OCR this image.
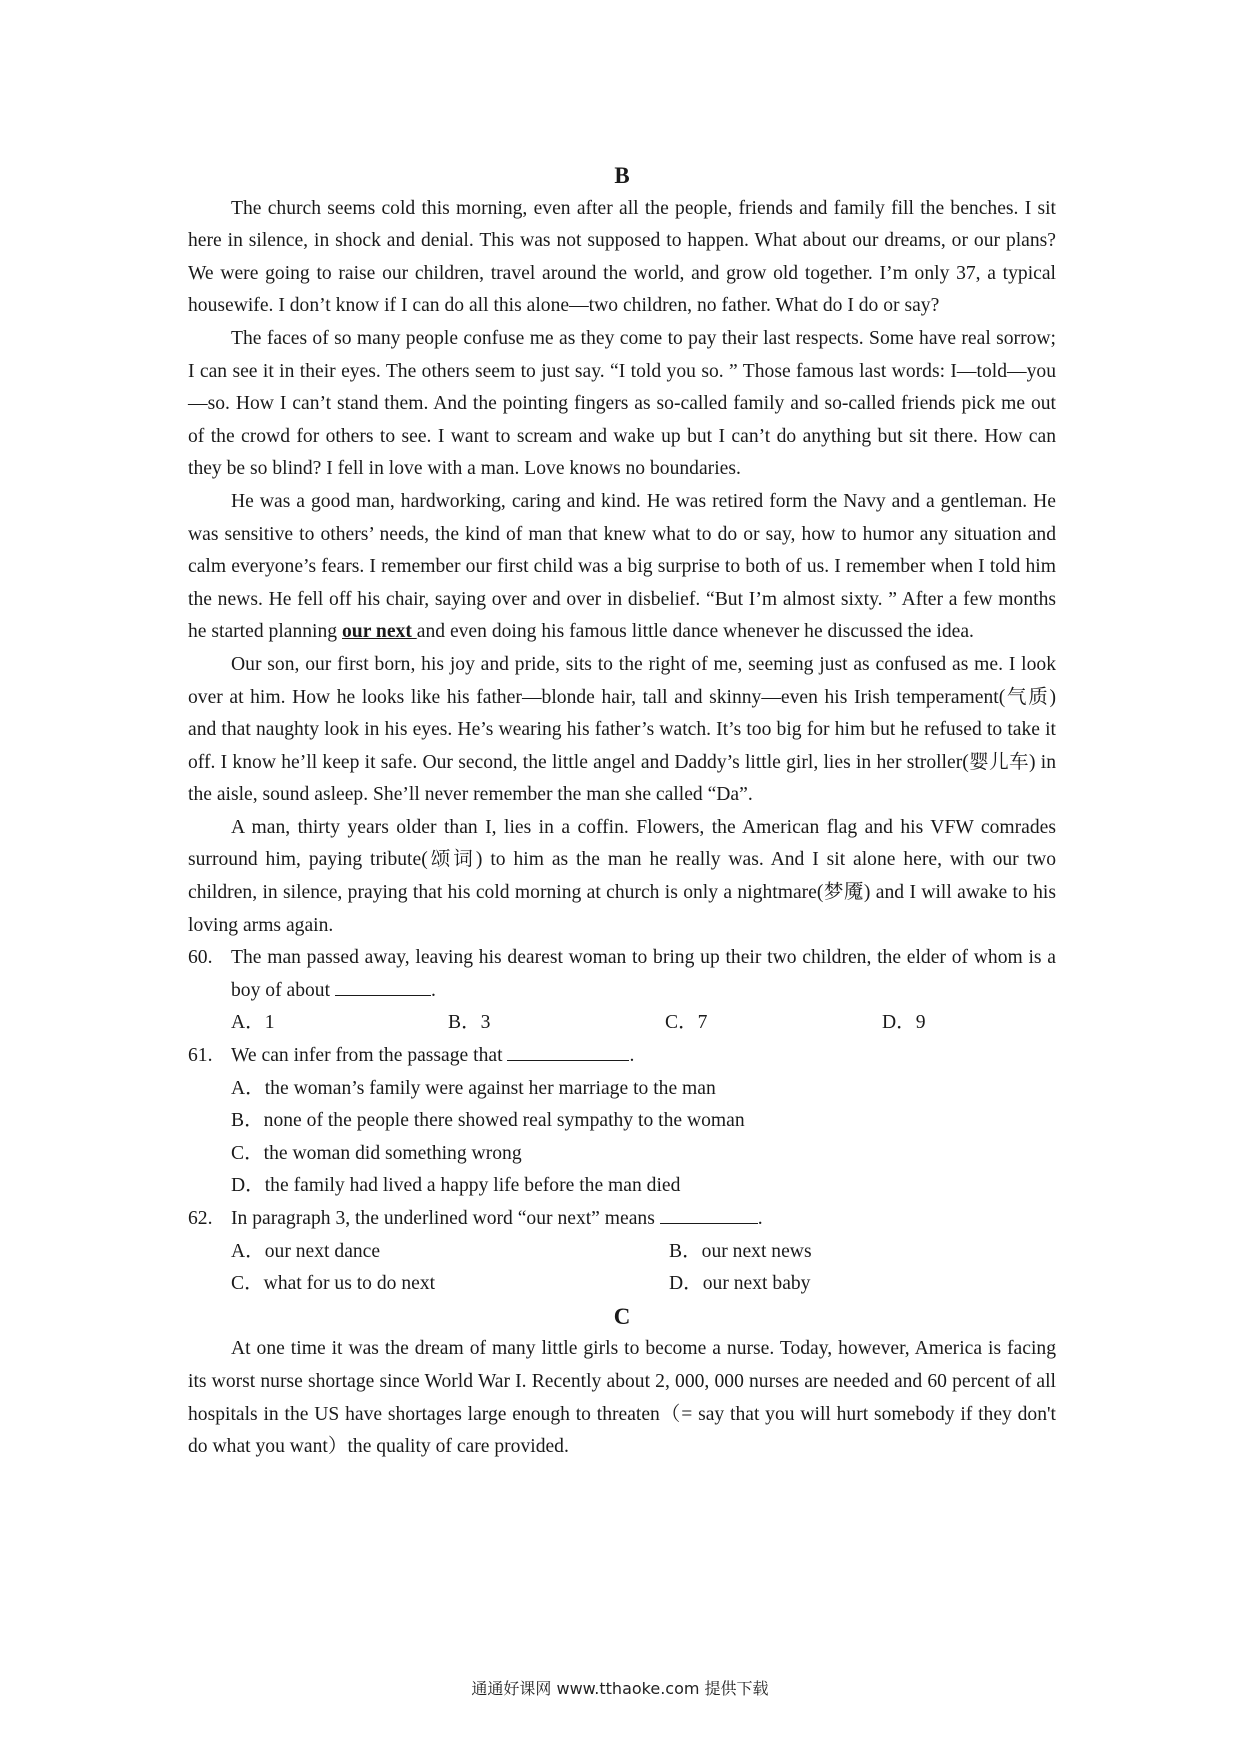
B

The church seems cold this morning, even after all the people, friends and family fill the benches. I sit here in silence, in shock and denial. This was not supposed to happen. What about our dreams, or our plans? We were going to raise our children, travel around the world, and grow old together. I’m only 37, a typical housewife. I don’t know if I can do all this alone—two children, no father. What do I do or say?

The faces of so many people confuse me as they come to pay their last respects. Some have real sorrow; I can see it in their eyes. The others seem to just say. “I told you so. ” Those famous last words: I—told—you—so. How I can’t stand them. And the pointing fingers as so-called family and so-called friends pick me out of the crowd for others to see. I want to scream and wake up but I can’t do anything but sit there. How can they be so blind? I fell in love with a man. Love knows no boundaries.

He was a good man, hardworking, caring and kind. He was retired form the Navy and a gentleman. He was sensitive to others’ needs, the kind of man that knew what to do or say, how to humor any situation and calm everyone’s fears. I remember our first child was a big surprise to both of us. I remember when I told him the news. He fell off his chair, saying over and over in disbelief. “But I’m almost sixty. ” After a few months he started planning our next and even doing his famous little dance whenever he discussed the idea.

Our son, our first born, his joy and pride, sits to the right of me, seeming just as confused as me. I look over at him. How he looks like his father—blonde hair, tall and skinny—even his Irish temperament(气质) and that naughty look in his eyes. He’s wearing his father’s watch. It’s too big for him but he refused to take it off. I know he’ll keep it safe. Our second, the little angel and Daddy’s little girl, lies in her stroller(婴儿车) in the aisle, sound asleep. She’ll never remember the man she called “Da”.

A man, thirty years older than I, lies in a coffin. Flowers, the American flag and his VFW comrades surround him, paying tribute(颂词) to him as the man he really was. And I sit alone here, with our two children, in silence, praying that his cold morning at church is only a nightmare(梦魇) and I will awake to his loving arms again.

60. The man passed away, leaving his dearest woman to bring up their two children, the elder of whom is a boy of about	.
A．1	B．3	C．7	D．9
61. We can infer from the passage that	.
A．the woman’s family were against her marriage to the man
B．none of the people there showed real sympathy to the woman
C．the woman did something wrong
D．the family had lived a happy life before the man died
62. In paragraph 3, the underlined word “our next” means	.
A．our next dance	B．our next news
C．what for us to do next	D．our next baby
C

At one time it was the dream of many little girls to become a nurse. Today, however, America is facing its worst nurse shortage since World War I. Recently about 2, 000, 000 nurses are needed and 60 percent of all hospitals in the US have shortages large enough to threaten（= say that you will hurt somebody if they don't do what you want）the quality of care provided.

通通好课网 www.tthaoke.com 提供下载
